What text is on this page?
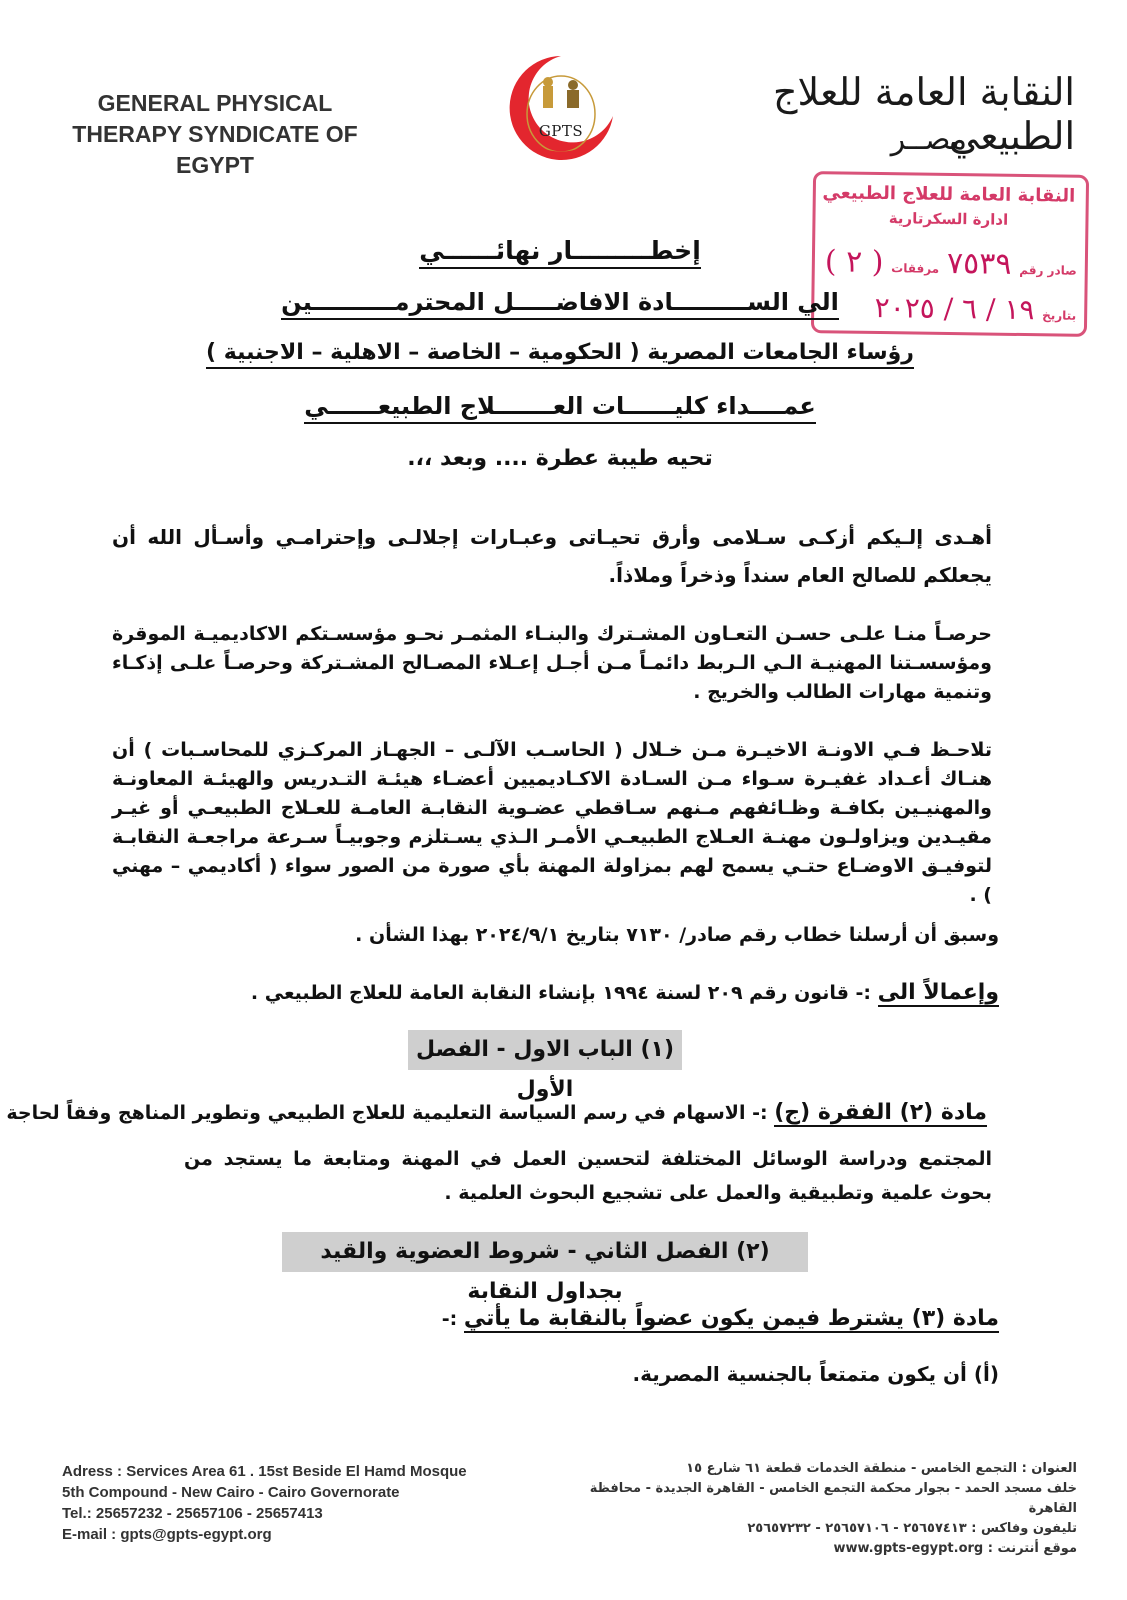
GENERAL PHYSICAL
THERAPY SYNDICATE OF
EGYPT
GPTS
النقابة العامة للعلاج الطبيعي
مصــر
النقابة العامة للعلاج الطبيعي
ادارة السكرتارية
صادر رقم ٧٥٣٩ مرفقات ( ٢ )
بتاريخ ١٩ / ٦ / ٢٠٢٥
إخطـــــــــار نهائــــــي
الي الســـــــــادة الافاضـــــل المحترمــــــــــين
رؤساء الجامعات المصرية ( الحكومية – الخاصة – الاهلية – الاجنبية )
عمــــداء كليــــــات العـــــــلاج الطبيعــــــي
تحيه طيبة عطرة .... وبعد ،،.
أهـدى إلـيكم أزكـى سـلامى وأرق تحيـاتى وعبـارات إجلالـى وإحترامـي وأسـأل الله أن يجعلكم للصالح العام سنداً وذخراً وملاذاً.
حرصـاً منـا علـى حسـن التعـاون المشـترك والبنـاء المثمـر نحـو مؤسسـتكم الاكاديميـة الموقرة ومؤسسـتنا المهنيـة الـي الـربط دائمـاً مـن أجـل إعـلاء المصـالح المشـتركة وحرصـاً علـى إذكـاء وتنمية مهارات الطالب والخريج .
تلاحـظ فـي الاونـة الاخيـرة مـن خـلال ( الحاسـب الآلـى – الجهـاز المركـزي للمحاسـبات ) أن هنـاك أعـداد غفيـرة سـواء مـن السـادة الاكـاديميين أعضـاء هيئـة التـدريس والهيئـة المعاونـة والمهنيـين بكافـة وظـائفهم مـنهم سـاقطي عضـوية النقابـة العامـة للعـلاج الطبيعـي أو غيـر مقيـدين ويزاولـون مهنـة العـلاج الطبيعـي الأمـر الـذي يسـتلزم وجوبيـاً سـرعة مراجعـة النقابـة لتوفيـق الاوضـاع حتـي يسمح لهم بمزاولة المهنة بأي صورة من الصور سواء ( أكاديمي – مهني ) .
وسبق أن أرسلنا خطاب رقم صادر/ ٧١٣٠ بتاريخ ٢٠٢٤/٩/١ بهذا الشأن .
وإعمالاً الى :- قانون رقم ٢٠٩ لسنة ١٩٩٤ بإنشاء النقابة العامة للعلاج الطبيعي .
(١) الباب الاول - الفصل الأول
مادة (٢) الفقرة (ج) :- الاسهام في رسم السياسة التعليمية للعلاج الطبيعي وتطوير المناهج وفقاً لحاجة
المجتمع ودراسة الوسائل المختلفة لتحسين العمل في المهنة ومتابعة ما يستجد من بحوث علمية وتطبيقية والعمل على تشجيع البحوث العلمية .
(٢) الفصل الثاني - شروط العضوية والقيد بجداول النقابة
مادة (٣) يشترط فيمن يكون عضواً بالنقابة ما يأتي :-
(أ) أن يكون متمتعاً بالجنسية المصرية.
Adress : Services Area 61 . 15st Beside El Hamd Mosque
5th Compound - New Cairo - Cairo Governorate
Tel.: 25657232 - 25657106 - 25657413
E-mail : gpts@gpts-egypt.org
العنوان : التجمع الخامس - منطقة الخدمات قطعة ٦١ شارع ١٥
خلف مسجد الحمد - بجوار محكمة التجمع الخامس - القاهرة الجديدة - محافظة القاهرة
تليفون وفاكس : ٢٥٦٥٧٤١٣ - ٢٥٦٥٧١٠٦ - ٢٥٦٥٧٢٣٢
موقع أنترنت : www.gpts-egypt.org
